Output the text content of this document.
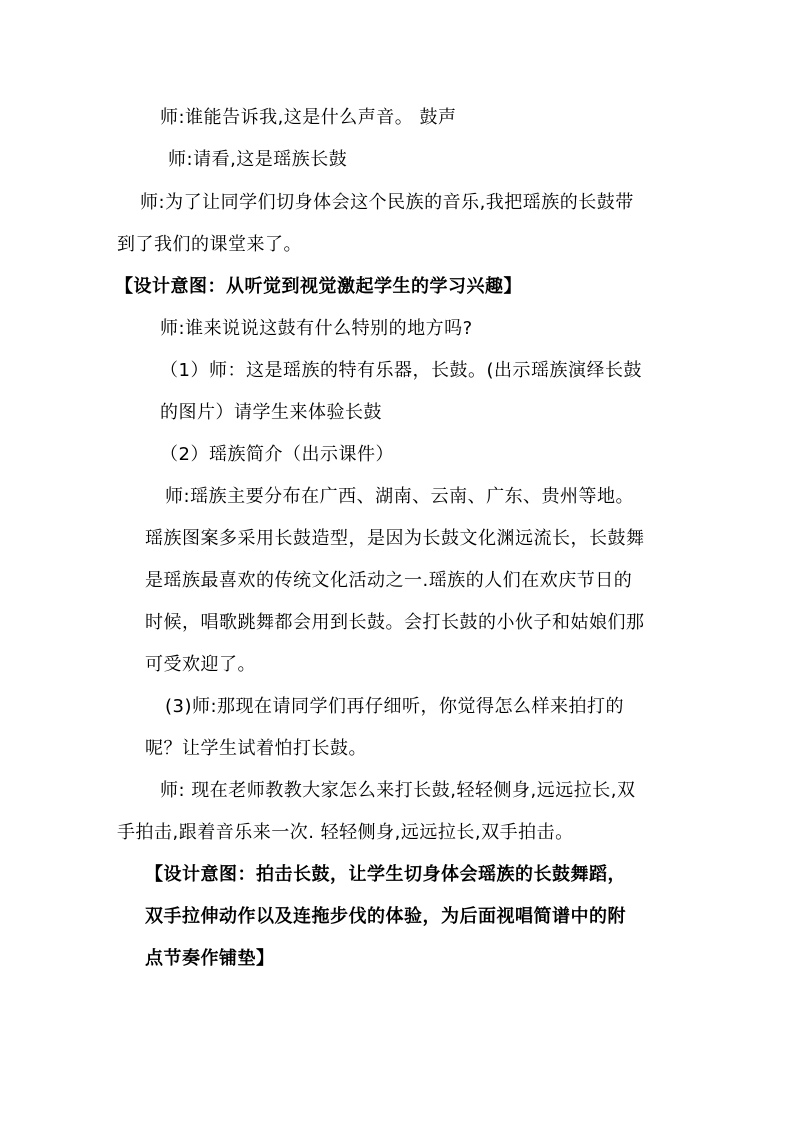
师:谁能告诉我,这是什么声音。 鼓声
师:请看,这是瑶族长鼓
师:为了让同学们切身体会这个民族的音乐,我把瑶族的长鼓带
到了我们的课堂来了。
【设计意图：从听觉到视觉激起学生的学习兴趣】
师:谁来说说这鼓有什么特别的地方吗?
（1）师：这是瑶族的特有乐器，长鼓。(出示瑶族演绎长鼓
的图片）请学生来体验长鼓
（2）瑶族简介（出示课件）
师:瑶族主要分布在广西、湖南、云南、广东、贵州等地。
瑶族图案多采用长鼓造型，是因为长鼓文化渊远流长，长鼓舞
是瑶族最喜欢的传统文化活动之一.瑶族的人们在欢庆节日的
时候，唱歌跳舞都会用到长鼓。会打长鼓的小伙子和姑娘们那
可受欢迎了。
(3)师:那现在请同学们再仔细听，你觉得怎么样来拍打的
呢？让学生试着怕打长鼓。
师: 现在老师教教大家怎么来打长鼓,轻轻侧身,远远拉长,双
手拍击,跟着音乐来一次. 轻轻侧身,远远拉长,双手拍击。
【设计意图：拍击长鼓，让学生切身体会瑶族的长鼓舞蹈，
双手拉伸动作以及连拖步伐的体验，为后面视唱简谱中的附
点节奏作铺垫】
